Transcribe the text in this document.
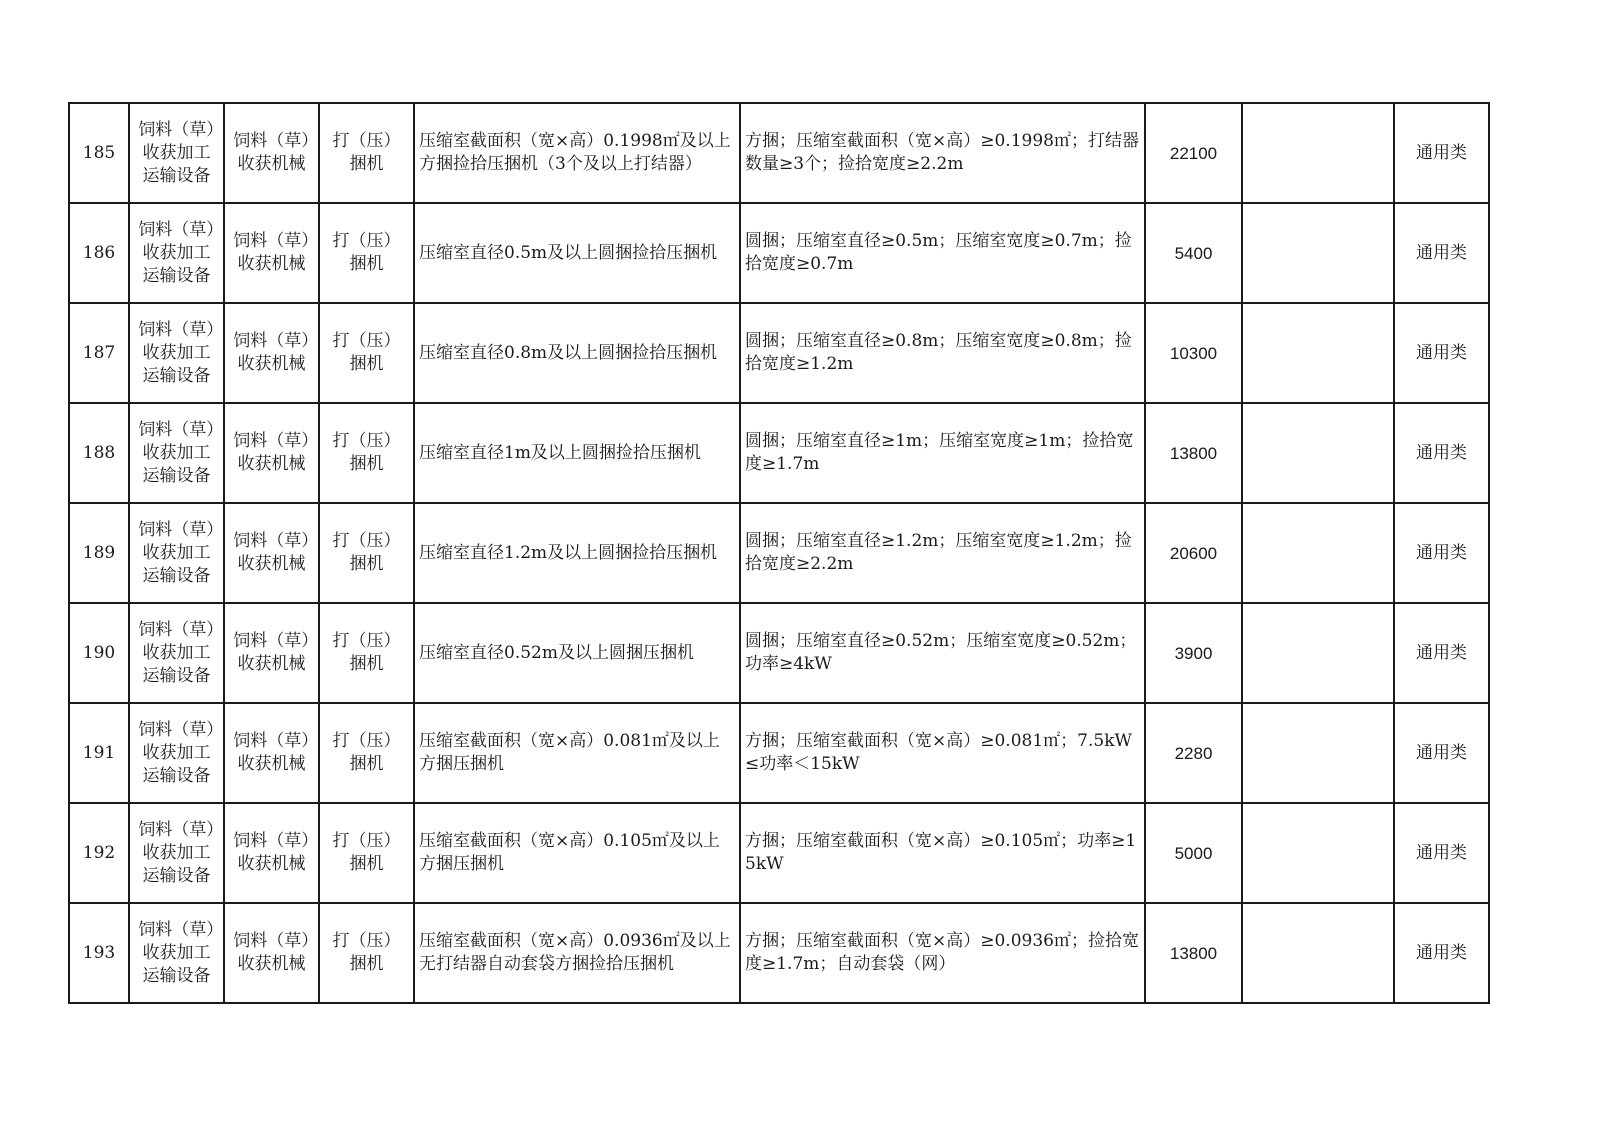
185	饲料（草）收获加工运输设备	饲料（草）收获机械	打（压）捆机	压缩室截面积（宽×高）0.1998㎡及以上方捆捡拾压捆机（3个及以上打结器）	方捆；压缩室截面积（宽×高）≥0.1998㎡；打结器数量≥3个；捡拾宽度≥2.2m	22100		通用类
186	饲料（草）收获加工运输设备	饲料（草）收获机械	打（压）捆机	压缩室直径0.5m及以上圆捆捡拾压捆机	圆捆；压缩室直径≥0.5m；压缩室宽度≥0.7m；捡拾宽度≥0.7m	5400		通用类
187	饲料（草）收获加工运输设备	饲料（草）收获机械	打（压）捆机	压缩室直径0.8m及以上圆捆捡拾压捆机	圆捆；压缩室直径≥0.8m；压缩室宽度≥0.8m；捡拾宽度≥1.2m	10300		通用类
188	饲料（草）收获加工运输设备	饲料（草）收获机械	打（压）捆机	压缩室直径1m及以上圆捆捡拾压捆机	圆捆；压缩室直径≥1m；压缩室宽度≥1m；捡拾宽度≥1.7m	13800		通用类
189	饲料（草）收获加工运输设备	饲料（草）收获机械	打（压）捆机	压缩室直径1.2m及以上圆捆捡拾压捆机	圆捆；压缩室直径≥1.2m；压缩室宽度≥1.2m；捡拾宽度≥2.2m	20600		通用类
190	饲料（草）收获加工运输设备	饲料（草）收获机械	打（压）捆机	压缩室直径0.52m及以上圆捆压捆机	圆捆；压缩室直径≥0.52m；压缩室宽度≥0.52m；功率≥4kW	3900		通用类
191	饲料（草）收获加工运输设备	饲料（草）收获机械	打（压）捆机	压缩室截面积（宽×高）0.081㎡及以上方捆压捆机	方捆；压缩室截面积（宽×高）≥0.081㎡；7.5kW≤功率＜15kW	2280		通用类
192	饲料（草）收获加工运输设备	饲料（草）收获机械	打（压）捆机	压缩室截面积（宽×高）0.105㎡及以上方捆压捆机	方捆；压缩室截面积（宽×高）≥0.105㎡；功率≥15kW	5000		通用类
193	饲料（草）收获加工运输设备	饲料（草）收获机械	打（压）捆机	压缩室截面积（宽×高）0.0936㎡及以上无打结器自动套袋方捆捡拾压捆机	方捆；压缩室截面积（宽×高）≥0.0936㎡；捡拾宽度≥1.7m；自动套袋（网）	13800		通用类
